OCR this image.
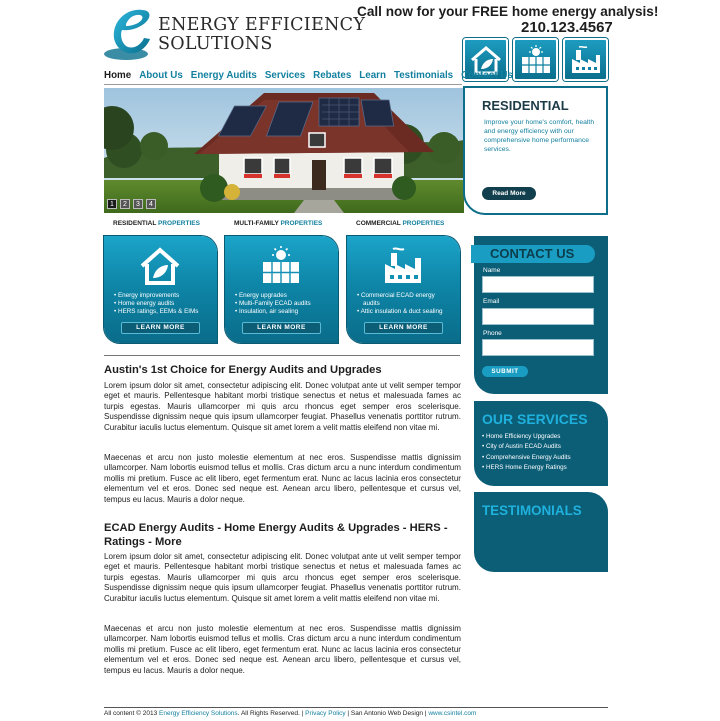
ENERGY EFFICIENCY
SOLUTIONS
Call now for your FREE home energy analysis!
210.123.4567
Home About Us Energy Audits Services Rebates Learn Testimonials Contact Us
1	2	3	4
RESIDENTIAL
Improve your home's comfort, health and energy efficiency with our comprehensive home performance services.
Read More
RESIDENTIAL PROPERTIES	MULTI-FAMILY PROPERTIES	COMMERCIAL PROPERTIES
• Energy improvements
• Home energy audits
• HERS ratings, EEMs & EIMs
LEARN MORE
• Energy upgrades
• Multi-Family ECAD audits
• Insulation, air sealing
LEARN MORE
• Commercial ECAD energy
audits
• Attic insulation & duct sealing
LEARN MORE
Austin's 1st Choice for Energy Audits and Upgrades

Lorem ipsum dolor sit amet, consectetur adipiscing elit. Donec volutpat ante ut velit semper tempor eget et mauris. Pellentesque habitant morbi tristique senectus et netus et malesuada fames ac turpis egestas. Mauris ullamcorper mi quis arcu rhoncus eget semper eros scelerisque. Suspendisse dignissim neque quis ipsum ullamcorper feugiat. Phasellus venenatis porttitor rutrum. Curabitur iaculis luctus elementum. Quisque sit amet lorem a velit mattis eleifend non vitae mi.

Maecenas et arcu non justo molestie elementum at nec eros. Suspendisse mattis dignissim ullamcorper. Nam lobortis euismod tellus et mollis. Cras dictum arcu a nunc interdum condimentum mollis mi pretium. Fusce ac elit libero, eget fermentum erat. Nunc ac lacus lacinia eros consectetur elementum vel et eros. Donec sed neque est. Aenean arcu libero, pellentesque et cursus vel, tempus eu lacus. Mauris a dolor neque.

ECAD Energy Audits - Home Energy Audits & Upgrades - HERS - Ratings - More

Lorem ipsum dolor sit amet, consectetur adipiscing elit. Donec volutpat ante ut velit semper tempor eget et mauris. Pellentesque habitant morbi tristique senectus et netus et malesuada fames ac turpis egestas. Mauris ullamcorper mi quis arcu rhoncus eget semper eros scelerisque. Suspendisse dignissim neque quis ipsum ullamcorper feugiat. Phasellus venenatis porttitor rutrum. Curabitur iaculis luctus elementum. Quisque sit amet lorem a velit mattis eleifend non vitae mi.

Maecenas et arcu non justo molestie elementum at nec eros. Suspendisse mattis dignissim ullamcorper. Nam lobortis euismod tellus et mollis. Cras dictum arcu a nunc interdum condimentum mollis mi pretium. Fusce ac elit libero, eget fermentum erat. Nunc ac lacus lacinia eros consectetur elementum vel et eros. Donec sed neque est. Aenean arcu libero, pellentesque et cursus vel, tempus eu lacus. Mauris a dolor neque.

CONTACT US
Name
Email
Phone
SUBMIT
OUR SERVICES
• Home Efficiency Upgrades
• City of Austin ECAD Audits
• Comprehensive Energy Audits
• HERS Home Energy Ratings
TESTIMONIALS
All content © 2013 Energy Efficiency Solutions. All Rights Reserved. | Privacy Policy | San Antonio Web Design | www.csintel.com
